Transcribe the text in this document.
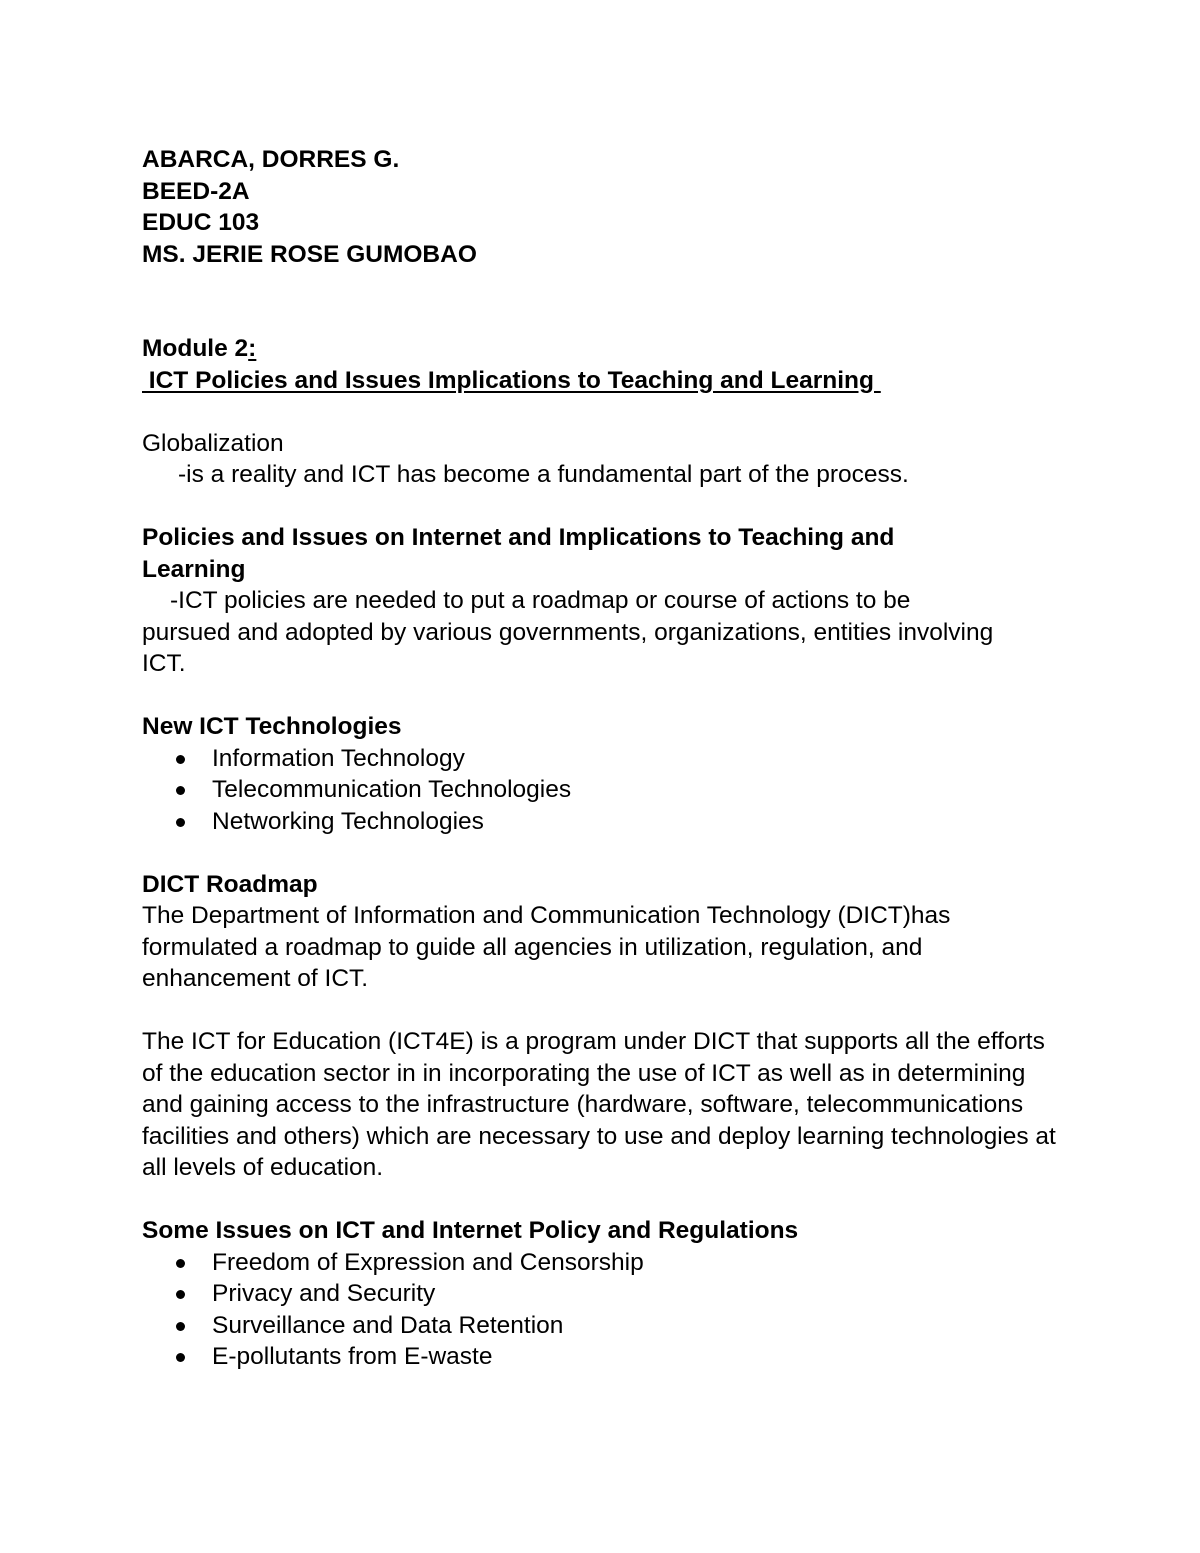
ABARCA, DORRES G.

BEED-2A

EDUC 103

MS. JERIE ROSE GUMOBAO

Module 2:

ICT Policies and Issues Implications to Teaching and Learning

Globalization

-is a reality and ICT has become a fundamental part of the process.

Policies and Issues on Internet and Implications to Teaching and Learning

-ICT policies are needed to put a roadmap or course of actions to be pursued and adopted by various governments, organizations, entities involving ICT.

New ICT Technologies

Information Technology
Telecommunication Technologies
Networking Technologies

DICT Roadmap

The Department of Information and Communication Technology (DICT)has formulated a roadmap to guide all agencies in utilization, regulation, and enhancement of ICT.

The ICT for Education (ICT4E) is a program under DICT that supports all the efforts of the education sector in in incorporating the use of ICT as well as in determining and gaining access to the infrastructure (hardware, software, telecommunications facilities and others) which are necessary to use and deploy learning technologies at all levels of education.

Some Issues on ICT and Internet Policy and Regulations

Freedom of Expression and Censorship
Privacy and Security
Surveillance and Data Retention
E-pollutants from E-waste
